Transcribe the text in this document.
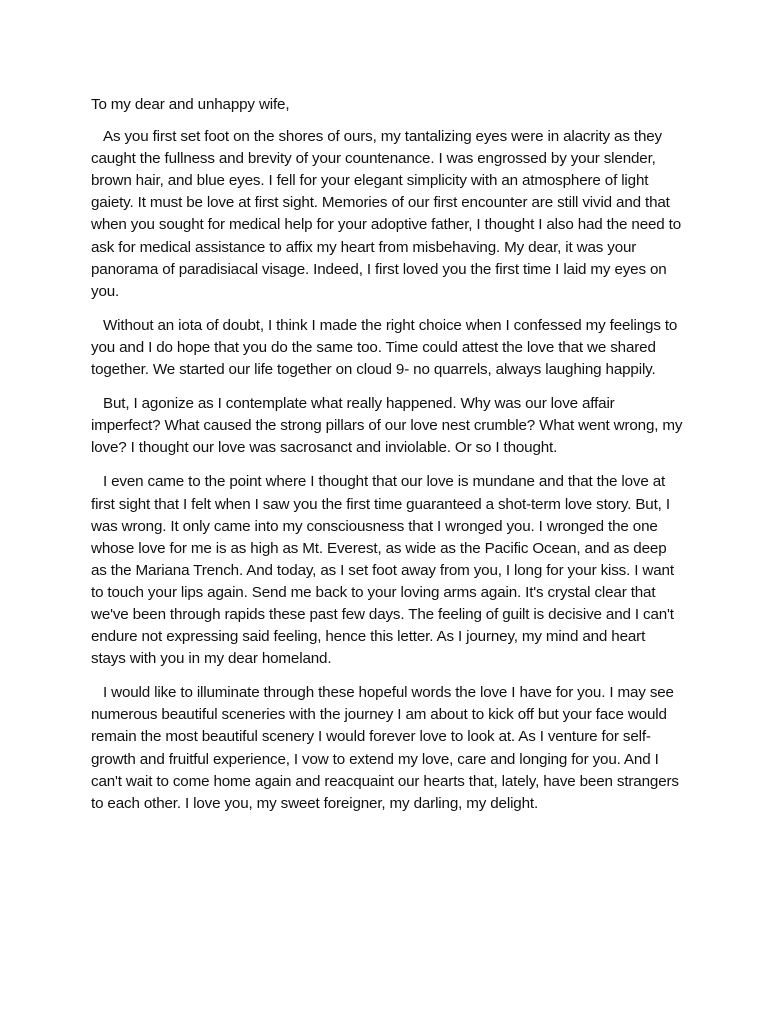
To my dear and unhappy wife,

As you first set foot on the shores of ours, my tantalizing eyes were in alacrity as they caught the fullness and brevity of your countenance. I was engrossed by your slender, brown hair, and blue eyes. I fell for your elegant simplicity with an atmosphere of light gaiety. It must be love at first sight. Memories of our first encounter are still vivid and that when you sought for medical help for your adoptive father, I thought I also had the need to ask for medical assistance to affix my heart from misbehaving. My dear, it was your panorama of paradisiacal visage. Indeed, I first loved you the first time I laid my eyes on you.

Without an iota of doubt, I think I made the right choice when I confessed my feelings to you and I do hope that you do the same too. Time could attest the love that we shared together. We started our life together on cloud 9- no quarrels, always laughing happily.

But, I agonize as I contemplate what really happened. Why was our love affair imperfect? What caused the strong pillars of our love nest crumble? What went wrong, my love? I thought our love was sacrosanct and inviolable. Or so I thought.

I even came to the point where I thought that our love is mundane and that the love at first sight that I felt when I saw you the first time guaranteed a shot-term love story. But, I was wrong. It only came into my consciousness that I wronged you. I wronged the one whose love for me is as high as Mt. Everest, as wide as the Pacific Ocean, and as deep as the Mariana Trench. And today, as I set foot away from you, I long for your kiss. I want to touch your lips again. Send me back to your loving arms again. It's crystal clear that we've been through rapids these past few days. The feeling of guilt is decisive and I can't endure not expressing said feeling, hence this letter. As I journey, my mind and heart stays with you in my dear homeland.

I would like to illuminate through these hopeful words the love I have for you. I may see numerous beautiful sceneries with the journey I am about to kick off but your face would remain the most beautiful scenery I would forever love to look at. As I venture for self- growth and fruitful experience, I vow to extend my love, care and longing for you. And I can't wait to come home again and reacquaint our hearts that, lately, have been strangers to each other. I love you, my sweet foreigner, my darling, my delight.
